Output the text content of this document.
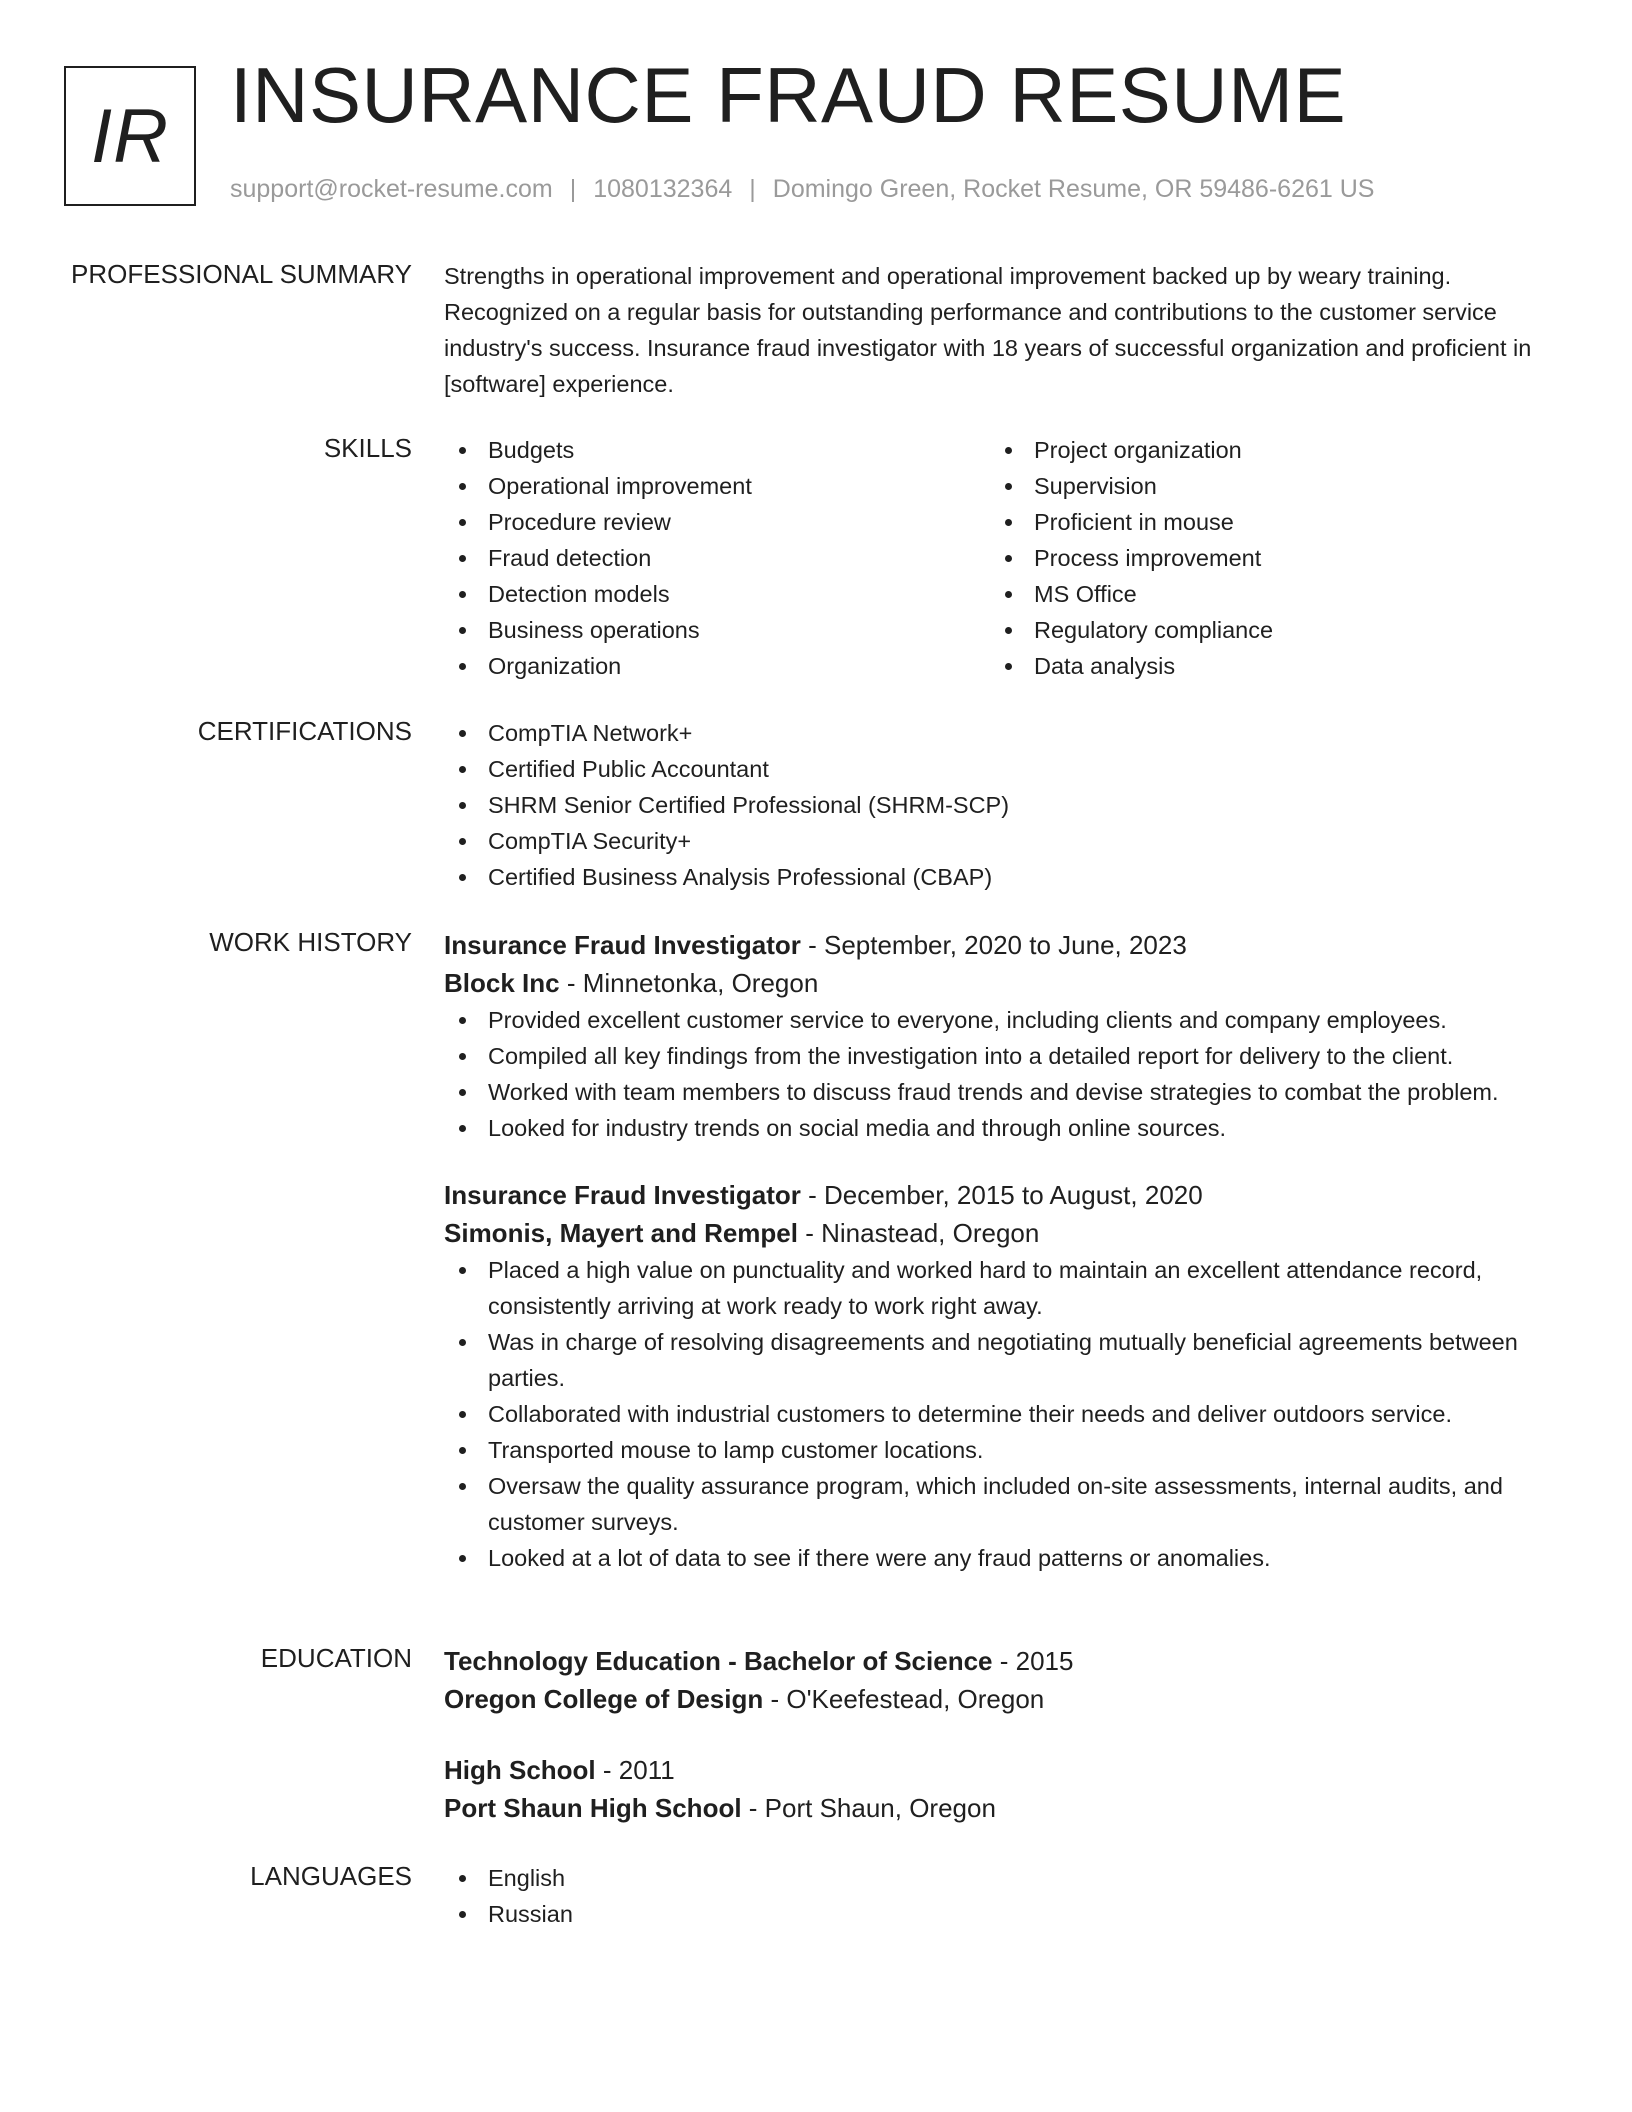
IR INSURANCE FRAUD RESUME
support@rocket-resume.com | 1080132364 | Domingo Green, Rocket Resume, OR 59486-6261 US
PROFESSIONAL SUMMARY Strengths in operational improvement and operational improvement backed up by weary training. Recognized on a regular basis for outstanding performance and contributions to the customer service industry's success. Insurance fraud investigator with 18 years of successful organization and proficient in [software] experience.
SKILLS	Budgets
Operational improvement
Procedure review
Fraud detection
Detection models
Business operations
Organization
Project organization
Supervision
Proficient in mouse
Process improvement
MS Office
Regulatory compliance
Data analysis
CERTIFICATIONS	CompTIA Network+
Certified Public Accountant
SHRM Senior Certified Professional (SHRM-SCP)
CompTIA Security+
Certified Business Analysis Professional (CBAP)
WORK HISTORY Insurance Fraud Investigator - September, 2020 to June, 2023
Block Inc - Minnetonka, Oregon
Provided excellent customer service to everyone, including clients and company employees.
Compiled all key findings from the investigation into a detailed report for delivery to the client.
Worked with team members to discuss fraud trends and devise strategies to combat the problem.
Looked for industry trends on social media and through online sources.
Insurance Fraud Investigator - December, 2015 to August, 2020
Simonis, Mayert and Rempel - Ninastead, Oregon
Placed a high value on punctuality and worked hard to maintain an excellent attendance record, consistently arriving at work ready to work right away.
Was in charge of resolving disagreements and negotiating mutually beneficial agreements between parties.
Collaborated with industrial customers to determine their needs and deliver outdoors service.
Transported mouse to lamp customer locations.
Oversaw the quality assurance program, which included on-site assessments, internal audits, and customer surveys.
Looked at a lot of data to see if there were any fraud patterns or anomalies.
EDUCATION Technology Education - Bachelor of Science - 2015
Oregon College of Design - O'Keefestead, Oregon
High School - 2011
Port Shaun High School - Port Shaun, Oregon
LANGUAGES	English
Russian
